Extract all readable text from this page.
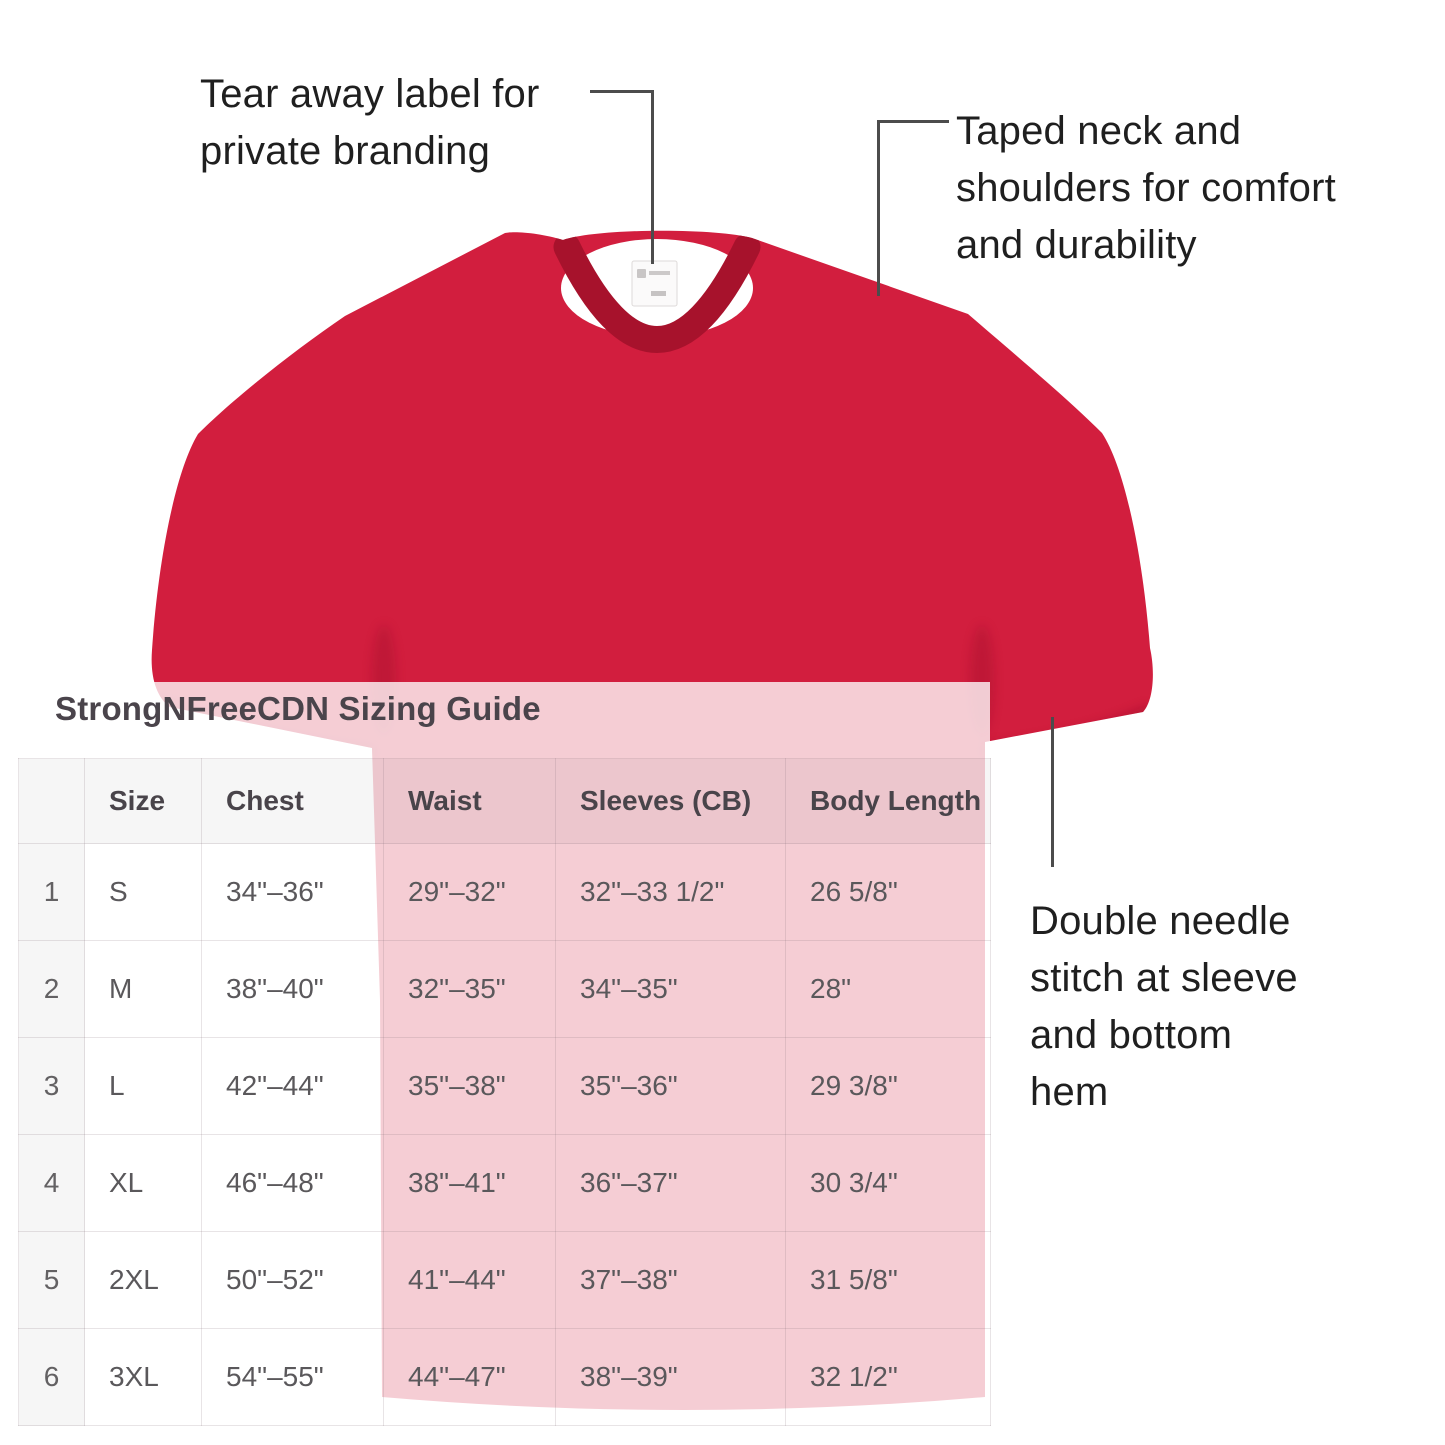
Tear away label for
private branding	Taped neck and
shoulders for comfort
and durability
Double needle
stitch at sleeve
and bottom
hem
StrongNFreeCDN Sizing Guide
	Size	Chest	Waist	Sleeves (CB)	Body Length
1	S	34"–36"	29"–32"	32"–33 1/2"	26 5/8"
2	M	38"–40"	32"–35"	34"–35"	28"
3	L	42"–44"	35"–38"	35"–36"	29 3/8"
4	XL	46"–48"	38"–41"	36"–37"	30 3/4"
5	2XL	50"–52"	41"–44"	37"–38"	31 5/8"
6	3XL	54"–55"	44"–47"	38"–39"	32 1/2"
